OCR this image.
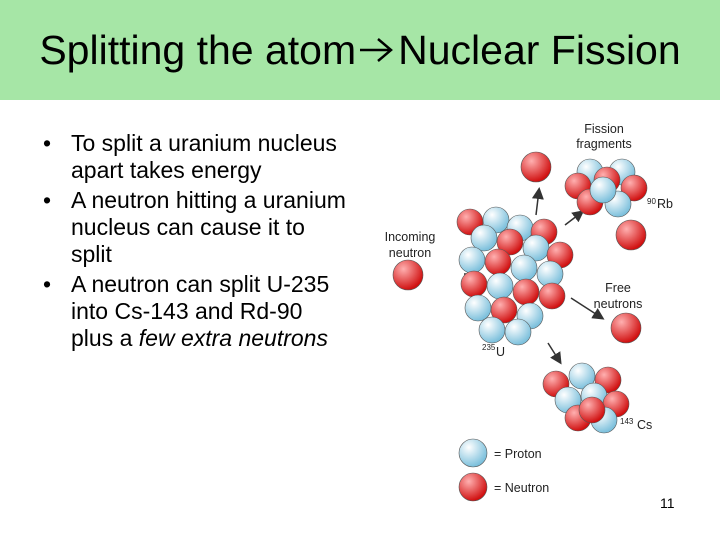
Splitting the atom Nuclear Fission
• To split a uranium nucleus apart takes energy
• A neutron hitting a uranium nucleus can cause it to split
• A neutron can split U-235 into Cs-143 and Rd-90 plus a few extra neutrons
Fission
fragments
90 Rb
Incoming
neutron
Free
neutrons
235 U
143 Cs
= Proton
= Neutron
11
